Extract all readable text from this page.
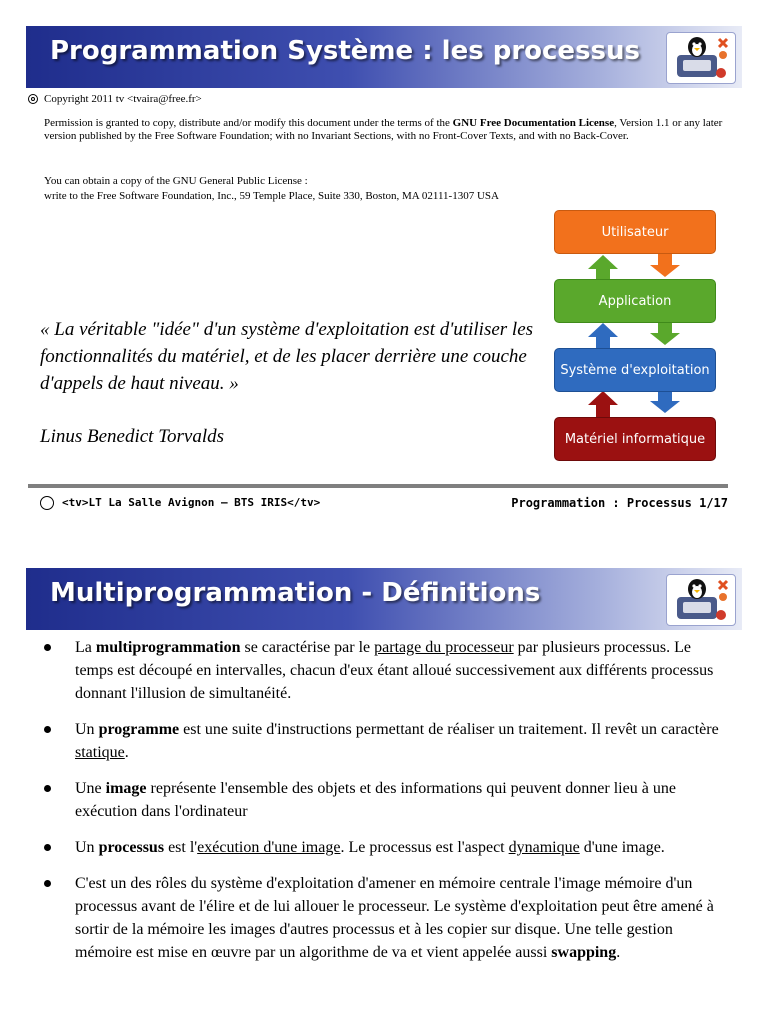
Programmation Système : les processus
Copyright 2011 tv <tvaira@free.fr>
Permission is granted to copy, distribute and/or modify this document under the terms of the GNU Free Documentation License, Version 1.1 or any later version published by the Free Software Foundation; with no Invariant Sections, with no Front-Cover Texts, and with no Back-Cover.
You can obtain a copy of the GNU General Public License :
write to the Free Software Foundation, Inc., 59 Temple Place, Suite 330, Boston, MA 02111-1307 USA
« La véritable "idée" d'un système d'exploitation est d'utiliser les fonctionnalités du matériel, et de les placer derrière une couche d'appels de haut niveau. »
Linus Benedict Torvalds
Utilisateur
Application
Système d'exploitation
Matériel informatique
<tv>LT La Salle Avignon – BTS IRIS</tv>	Programmation : Processus 1/17
Multiprogrammation - Définitions
La multiprogrammation se caractérise par le partage du processeur par plusieurs processus. Le temps est découpé en intervalles, chacun d'eux étant alloué successivement aux différents processus donnant l'illusion de simultanéité.
Un programme est une suite d'instructions permettant de réaliser un traitement. Il revêt un caractère statique.
Une image représente l'ensemble des objets et des informations qui peuvent donner lieu à une exécution dans l'ordinateur
Un processus est l'exécution d'une image. Le processus est l'aspect dynamique d'une image.
C'est un des rôles du système d'exploitation d'amener en mémoire centrale l'image mémoire d'un processus avant de l'élire et de lui allouer le processeur. Le système d'exploitation peut être amené à sortir de la mémoire les images d'autres processus et à les copier sur disque. Une telle gestion mémoire est mise en œuvre par un algorithme de va et vient appelée aussi swapping.
